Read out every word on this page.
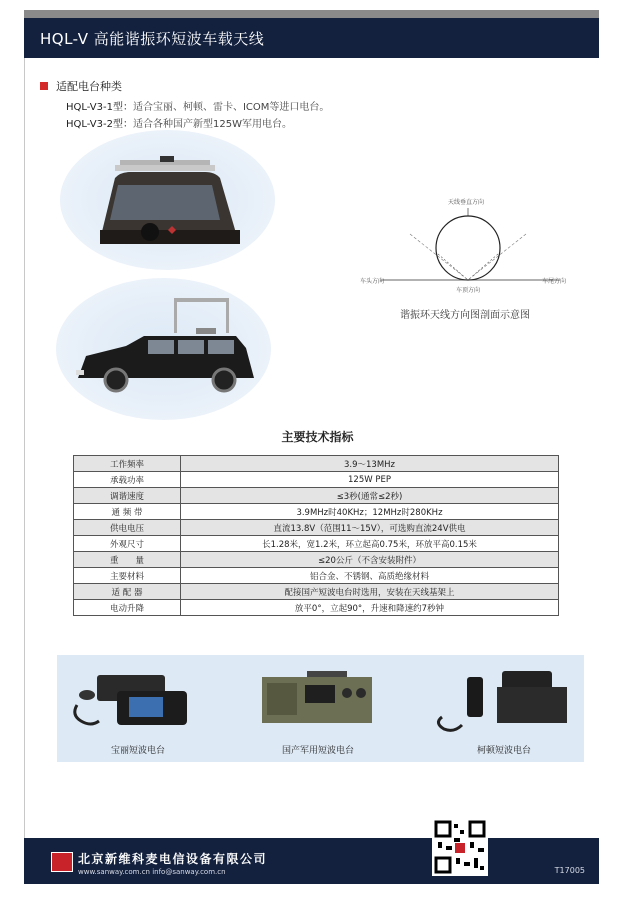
HQL-V 高能谐振环短波车载天线
适配电台种类
HQL-V3-1型：适合宝丽、柯顿、雷卡、ICOM等进口电台。
HQL-V3-2型：适合各种国产新型125W军用电台。
天线垂直方向
车头方向	车尾方向
车顶方向
谐振环天线方向图剖面示意图
主要技术指标
工作频率	3.9～13MHz
承载功率	125W PEP
调谐速度	≤3秒(通常≤2秒)
通 频 带	3.9MHz时40KHz；12MHz时280KHz
供电电压	直流13.8V（范围11～15V），可选购直流24V供电
外观尺寸	长1.28米，宽1.2米，环立起高0.75米，环放平高0.15米
重　　量	≤20公斤（不含安装附件）
主要材料	铝合金、不锈钢、高质绝缘材料
适 配 器	配接国产短波电台时选用，安装在天线基架上
电动升降	放平0°，立起90°，升速和降速约7秒钟
宝丽短波电台	国产军用短波电台	柯顿短波电台
北京新维科麦电信设备有限公司
www.sanway.com.cn info@sanway.com.cn	T17005
